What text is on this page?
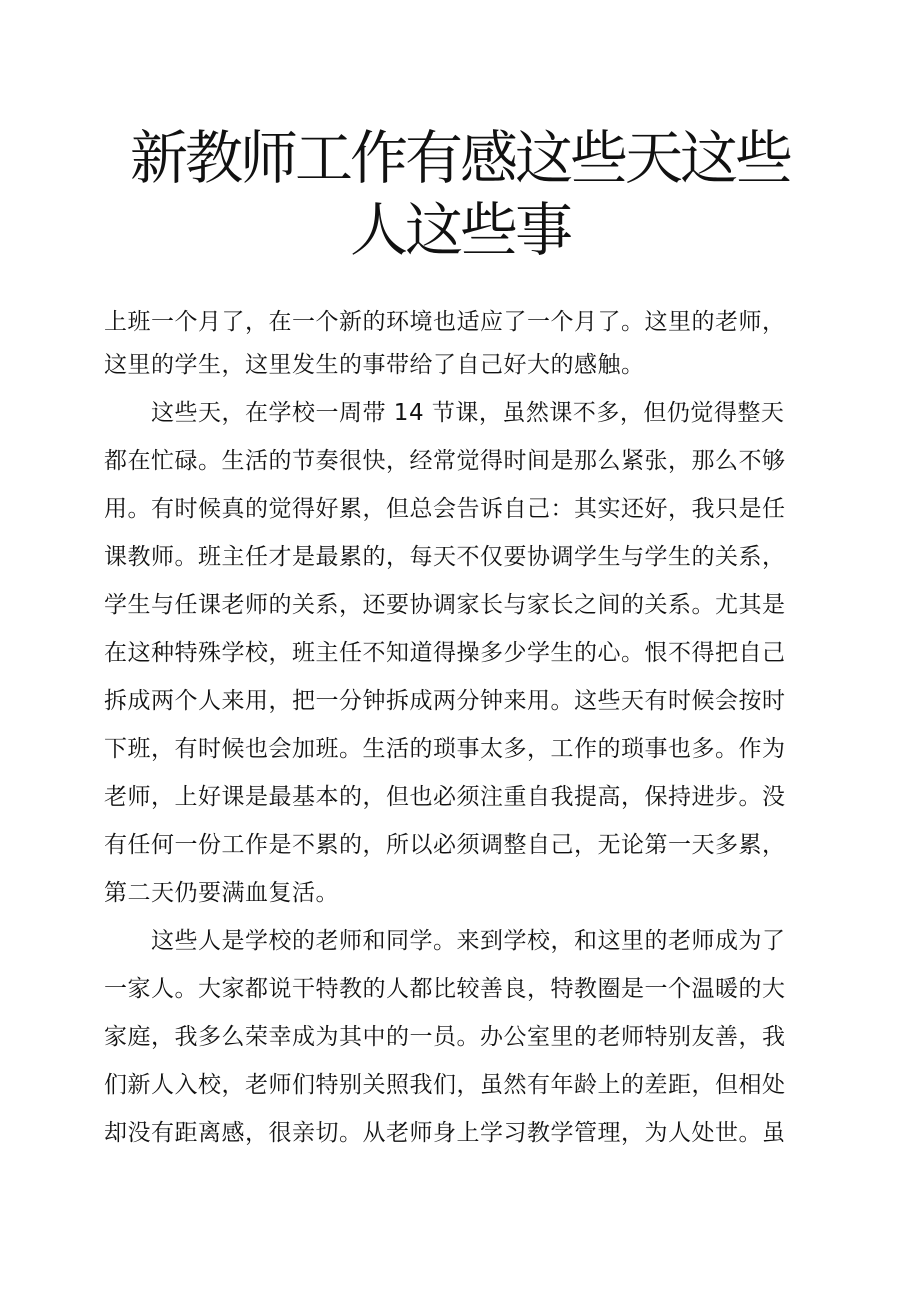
新教师工作有感这些天这些
人这些事
上班一个月了，在一个新的环境也适应了一个月了。这里的老师，
这里的学生，这里发生的事带给了自己好大的感触。
　　这些天，在学校一周带 14 节课，虽然课不多，但仍觉得整天
都在忙碌。生活的节奏很快，经常觉得时间是那么紧张，那么不够
用。有时候真的觉得好累，但总会告诉自己：其实还好，我只是任
课教师。班主任才是最累的，每天不仅要协调学生与学生的关系，
学生与任课老师的关系，还要协调家长与家长之间的关系。尤其是
在这种特殊学校，班主任不知道得操多少学生的心。恨不得把自己
拆成两个人来用，把一分钟拆成两分钟来用。这些天有时候会按时
下班，有时候也会加班。生活的琐事太多，工作的琐事也多。作为
老师，上好课是最基本的，但也必须注重自我提高，保持进步。没
有任何一份工作是不累的，所以必须调整自己，无论第一天多累，
第二天仍要满血复活。
　　这些人是学校的老师和同学。来到学校，和这里的老师成为了
一家人。大家都说干特教的人都比较善良，特教圈是一个温暖的大
家庭，我多么荣幸成为其中的一员。办公室里的老师特别友善，我
们新人入校，老师们特别关照我们，虽然有年龄上的差距，但相处
却没有距离感，很亲切。从老师身上学习教学管理，为人处世。虽
